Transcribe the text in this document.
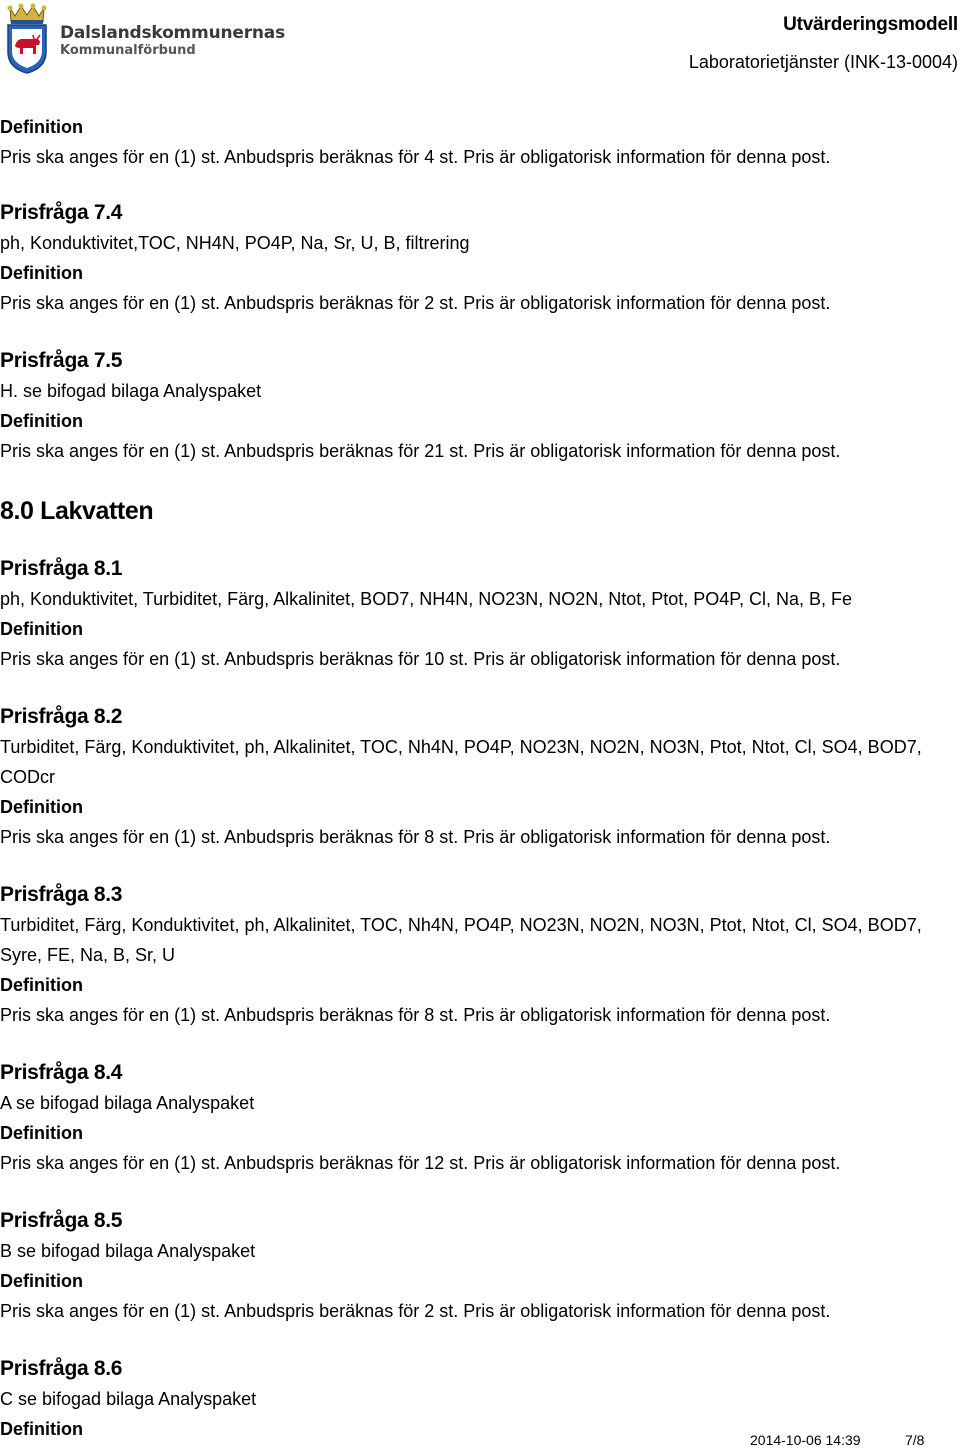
Dalslandskommunernas
Kommunalförbund
Utvärderingsmodell
Laboratorietjänster (INK-13-0004)
Definition
Pris ska anges för en (1) st. Anbudspris beräknas för 4 st. Pris är obligatorisk information för denna post.
Prisfråga 7.4
ph, Konduktivitet,TOC, NH4N, PO4P, Na, Sr, U, B, filtrering
Definition
Pris ska anges för en (1) st. Anbudspris beräknas för 2 st. Pris är obligatorisk information för denna post.
Prisfråga 7.5
H. se bifogad bilaga Analyspaket
Definition
Pris ska anges för en (1) st. Anbudspris beräknas för 21 st. Pris är obligatorisk information för denna post.
8.0 Lakvatten
Prisfråga 8.1
ph, Konduktivitet, Turbiditet, Färg, Alkalinitet, BOD7, NH4N, NO23N, NO2N, Ntot, Ptot, PO4P, Cl, Na, B, Fe
Definition
Pris ska anges för en (1) st. Anbudspris beräknas för 10 st. Pris är obligatorisk information för denna post.
Prisfråga 8.2
Turbiditet, Färg, Konduktivitet, ph, Alkalinitet, TOC, Nh4N, PO4P, NO23N, NO2N, NO3N, Ptot, Ntot, Cl, SO4, BOD7, CODcr
Definition
Pris ska anges för en (1) st. Anbudspris beräknas för 8 st. Pris är obligatorisk information för denna post.
Prisfråga 8.3
Turbiditet, Färg, Konduktivitet, ph, Alkalinitet, TOC, Nh4N, PO4P, NO23N, NO2N, NO3N, Ptot, Ntot, Cl, SO4, BOD7, Syre, FE, Na, B, Sr, U
Definition
Pris ska anges för en (1) st. Anbudspris beräknas för 8 st. Pris är obligatorisk information för denna post.
Prisfråga 8.4
A se bifogad bilaga Analyspaket
Definition
Pris ska anges för en (1) st. Anbudspris beräknas för 12 st. Pris är obligatorisk information för denna post.
Prisfråga 8.5
B se bifogad bilaga Analyspaket
Definition
Pris ska anges för en (1) st. Anbudspris beräknas för 2 st. Pris är obligatorisk information för denna post.
Prisfråga 8.6
C se bifogad bilaga Analyspaket
Definition
2014-10-06 14:39	7/8
